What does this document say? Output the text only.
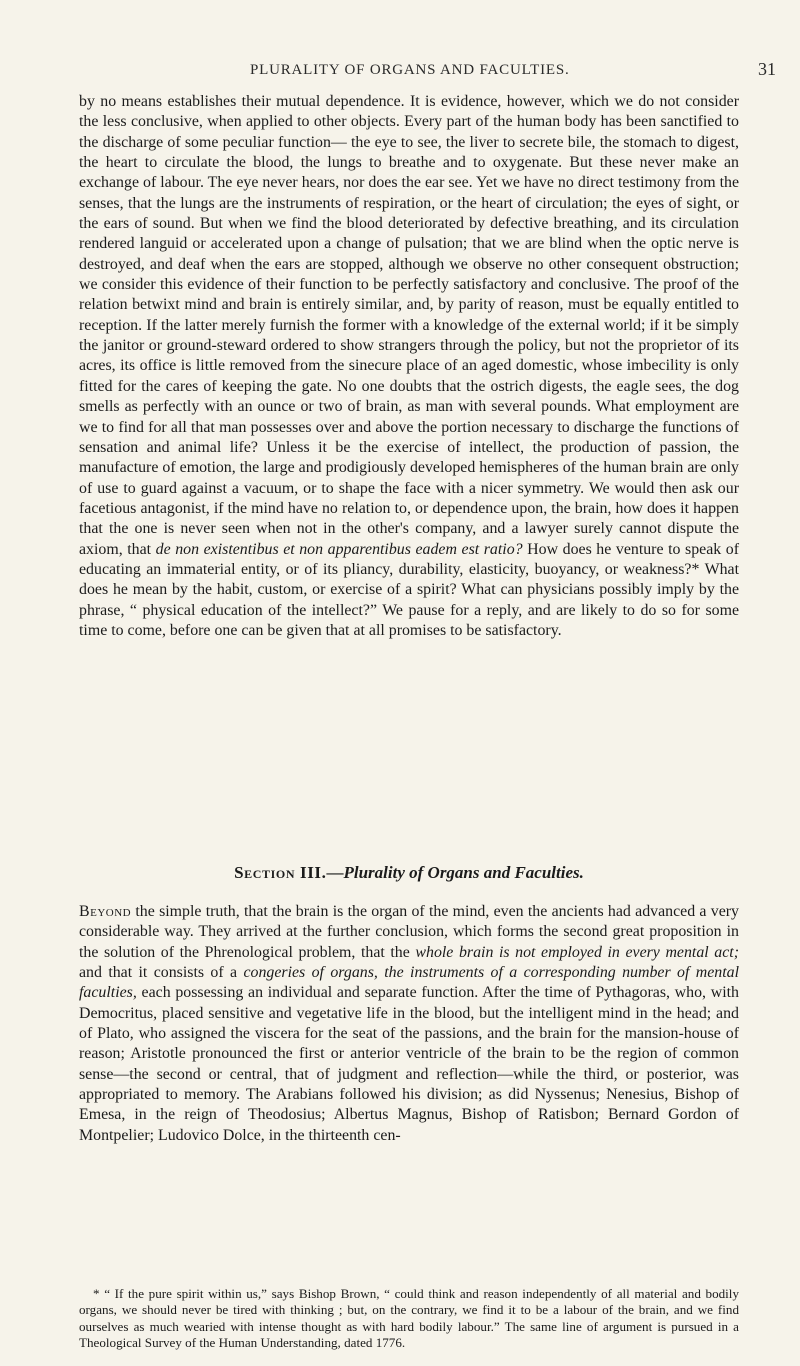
PLURALITY OF ORGANS AND FACULTIES.	31

by no means establishes their mutual dependence. It is evidence, however, which we do not consider the less conclusive, when applied to other objects. Every part of the human body has been sanctified to the discharge of some peculiar function— the eye to see, the liver to secrete bile, the stomach to digest, the heart to circulate the blood, the lungs to breathe and to oxygenate. But these never make an exchange of labour. The eye never hears, nor does the ear see. Yet we have no direct testimony from the senses, that the lungs are the instruments of respiration, or the heart of circulation; the eyes of sight, or the ears of sound. But when we find the blood deteriorated by defective breathing, and its circulation rendered languid or accelerated upon a change of pulsation; that we are blind when the optic nerve is destroyed, and deaf when the ears are stopped, although we observe no other consequent obstruction; we consider this evidence of their function to be perfectly satisfactory and conclusive. The proof of the relation betwixt mind and brain is entirely similar, and, by parity of reason, must be equally entitled to reception. If the latter merely furnish the former with a knowledge of the external world; if it be simply the janitor or ground-steward ordered to show strangers through the policy, but not the proprietor of its acres, its office is little removed from the sinecure place of an aged domestic, whose imbecility is only fitted for the cares of keeping the gate. No one doubts that the ostrich digests, the eagle sees, the dog smells as perfectly with an ounce or two of brain, as man with several pounds. What employment are we to find for all that man possesses over and above the portion necessary to discharge the functions of sensation and animal life? Unless it be the exercise of intellect, the production of passion, the manufacture of emotion, the large and prodigiously developed hemispheres of the human brain are only of use to guard against a vacuum, or to shape the face with a nicer symmetry. We would then ask our facetious antagonist, if the mind have no relation to, or dependence upon, the brain, how does it happen that the one is never seen when not in the other's company, and a lawyer surely cannot dispute the axiom, that de non existentibus et non apparentibus eadem est ratio? How does he venture to speak of educating an immaterial entity, or of its pliancy, durability, elasticity, buoyancy, or weakness?* What does he mean by the habit, custom, or exercise of a spirit? What can physicians possibly imply by the phrase, “ physical education of the intellect?” We pause for a reply, and are likely to do so for some time to come, before one can be given that at all promises to be satisfactory.

Section III.—Plurality of Organs and Faculties.

Beyond the simple truth, that the brain is the organ of the mind, even the ancients had advanced a very considerable way. They arrived at the further conclusion, which forms the second great proposition in the solution of the Phrenological problem, that the whole brain is not employed in every mental act; and that it consists of a congeries of organs, the instruments of a corresponding number of mental faculties, each possessing an individual and separate function. After the time of Pythagoras, who, with Democritus, placed sensitive and vegetative life in the blood, but the intelligent mind in the head; and of Plato, who assigned the viscera for the seat of the passions, and the brain for the mansion-house of reason; Aristotle pronounced the first or anterior ventricle of the brain to be the region of common sense—the second or central, that of judgment and reflection—while the third, or posterior, was appropriated to memory. The Arabians followed his division; as did Nyssenus; Nenesius, Bishop of Emesa, in the reign of Theodosius; Albertus Magnus, Bishop of Ratisbon; Bernard Gordon of Montpelier; Ludovico Dolce, in the thirteenth cen-

* “ If the pure spirit within us,” says Bishop Brown, “ could think and reason independently of all material and bodily organs, we should never be tired with thinking ; but, on the contrary, we find it to be a labour of the brain, and we find ourselves as much wearied with intense thought as with hard bodily labour.” The same line of argument is pursued in a Theological Survey of the Human Understanding, dated 1776.
